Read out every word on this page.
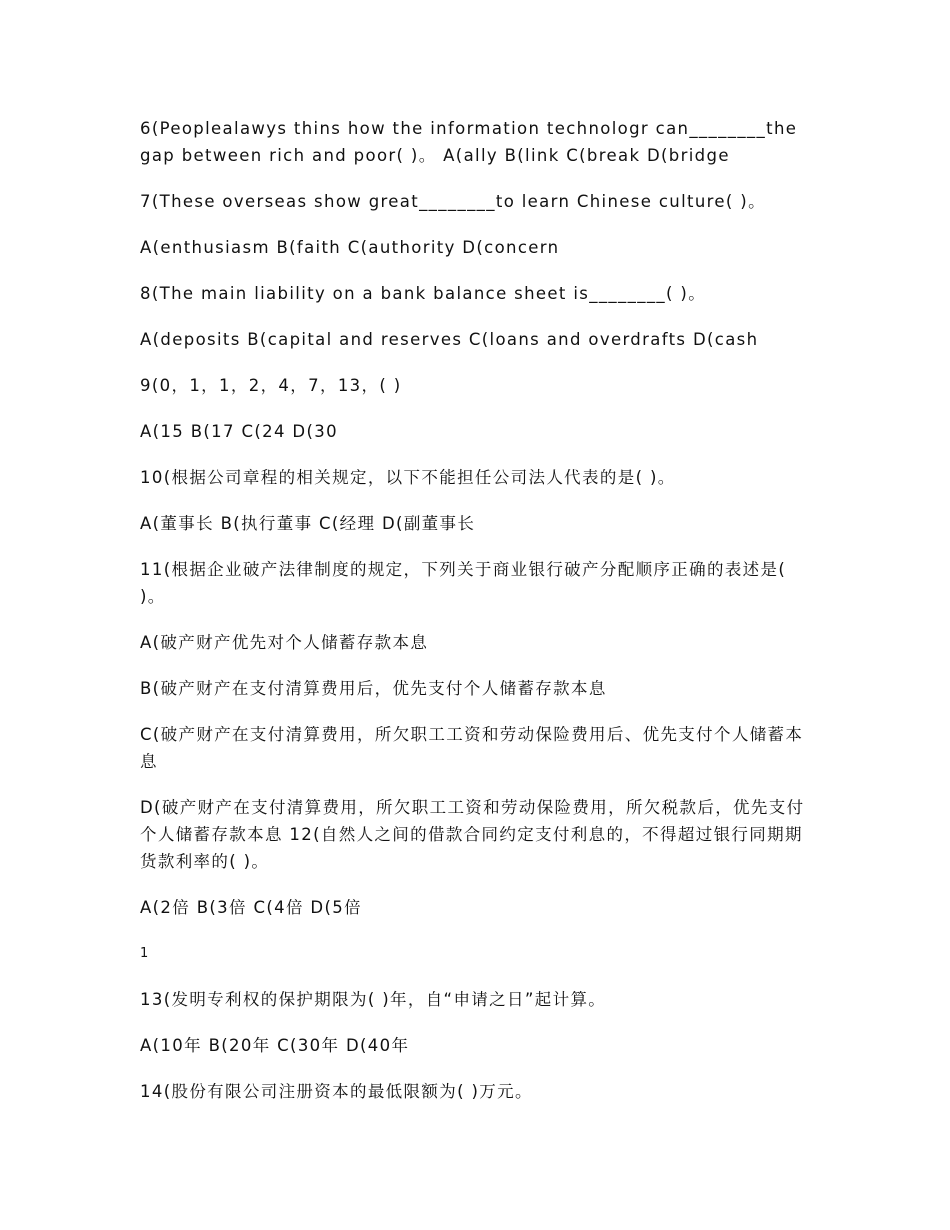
6(Peoplealawys thins how the information technologr can________the gap between rich and poor( )。 A(ally B(link C(break D(bridge

7(These overseas show great________to learn Chinese culture( )。

A(enthusiasm B(faith C(authority D(concern

8(The main liability on a bank balance sheet is________( )。

A(deposits B(capital and reserves C(loans and overdrafts D(cash

9(0，1，1，2，4，7，13，( )

A(15 B(17 C(24 D(30

10(根据公司章程的相关规定，以下不能担任公司法人代表的是( )。

A(董事长 B(执行董事 C(经理 D(副董事长

11(根据企业破产法律制度的规定，下列关于商业银行破产分配顺序正确的表述是( )。

A(破产财产优先对个人储蓄存款本息

B(破产财产在支付清算费用后，优先支付个人储蓄存款本息

C(破产财产在支付清算费用，所欠职工工资和劳动保险费用后、优先支付个人储蓄本息

D(破产财产在支付清算费用，所欠职工工资和劳动保险费用，所欠税款后，优先支付个人储蓄存款本息 12(自然人之间的借款合同约定支付利息的，不得超过银行同期期货款利率的( )。

A(2倍 B(3倍 C(4倍 D(5倍

1

13(发明专利权的保护期限为( )年，自“申请之日”起计算。

A(10年 B(20年 C(30年 D(40年

14(股份有限公司注册资本的最低限额为( )万元。
